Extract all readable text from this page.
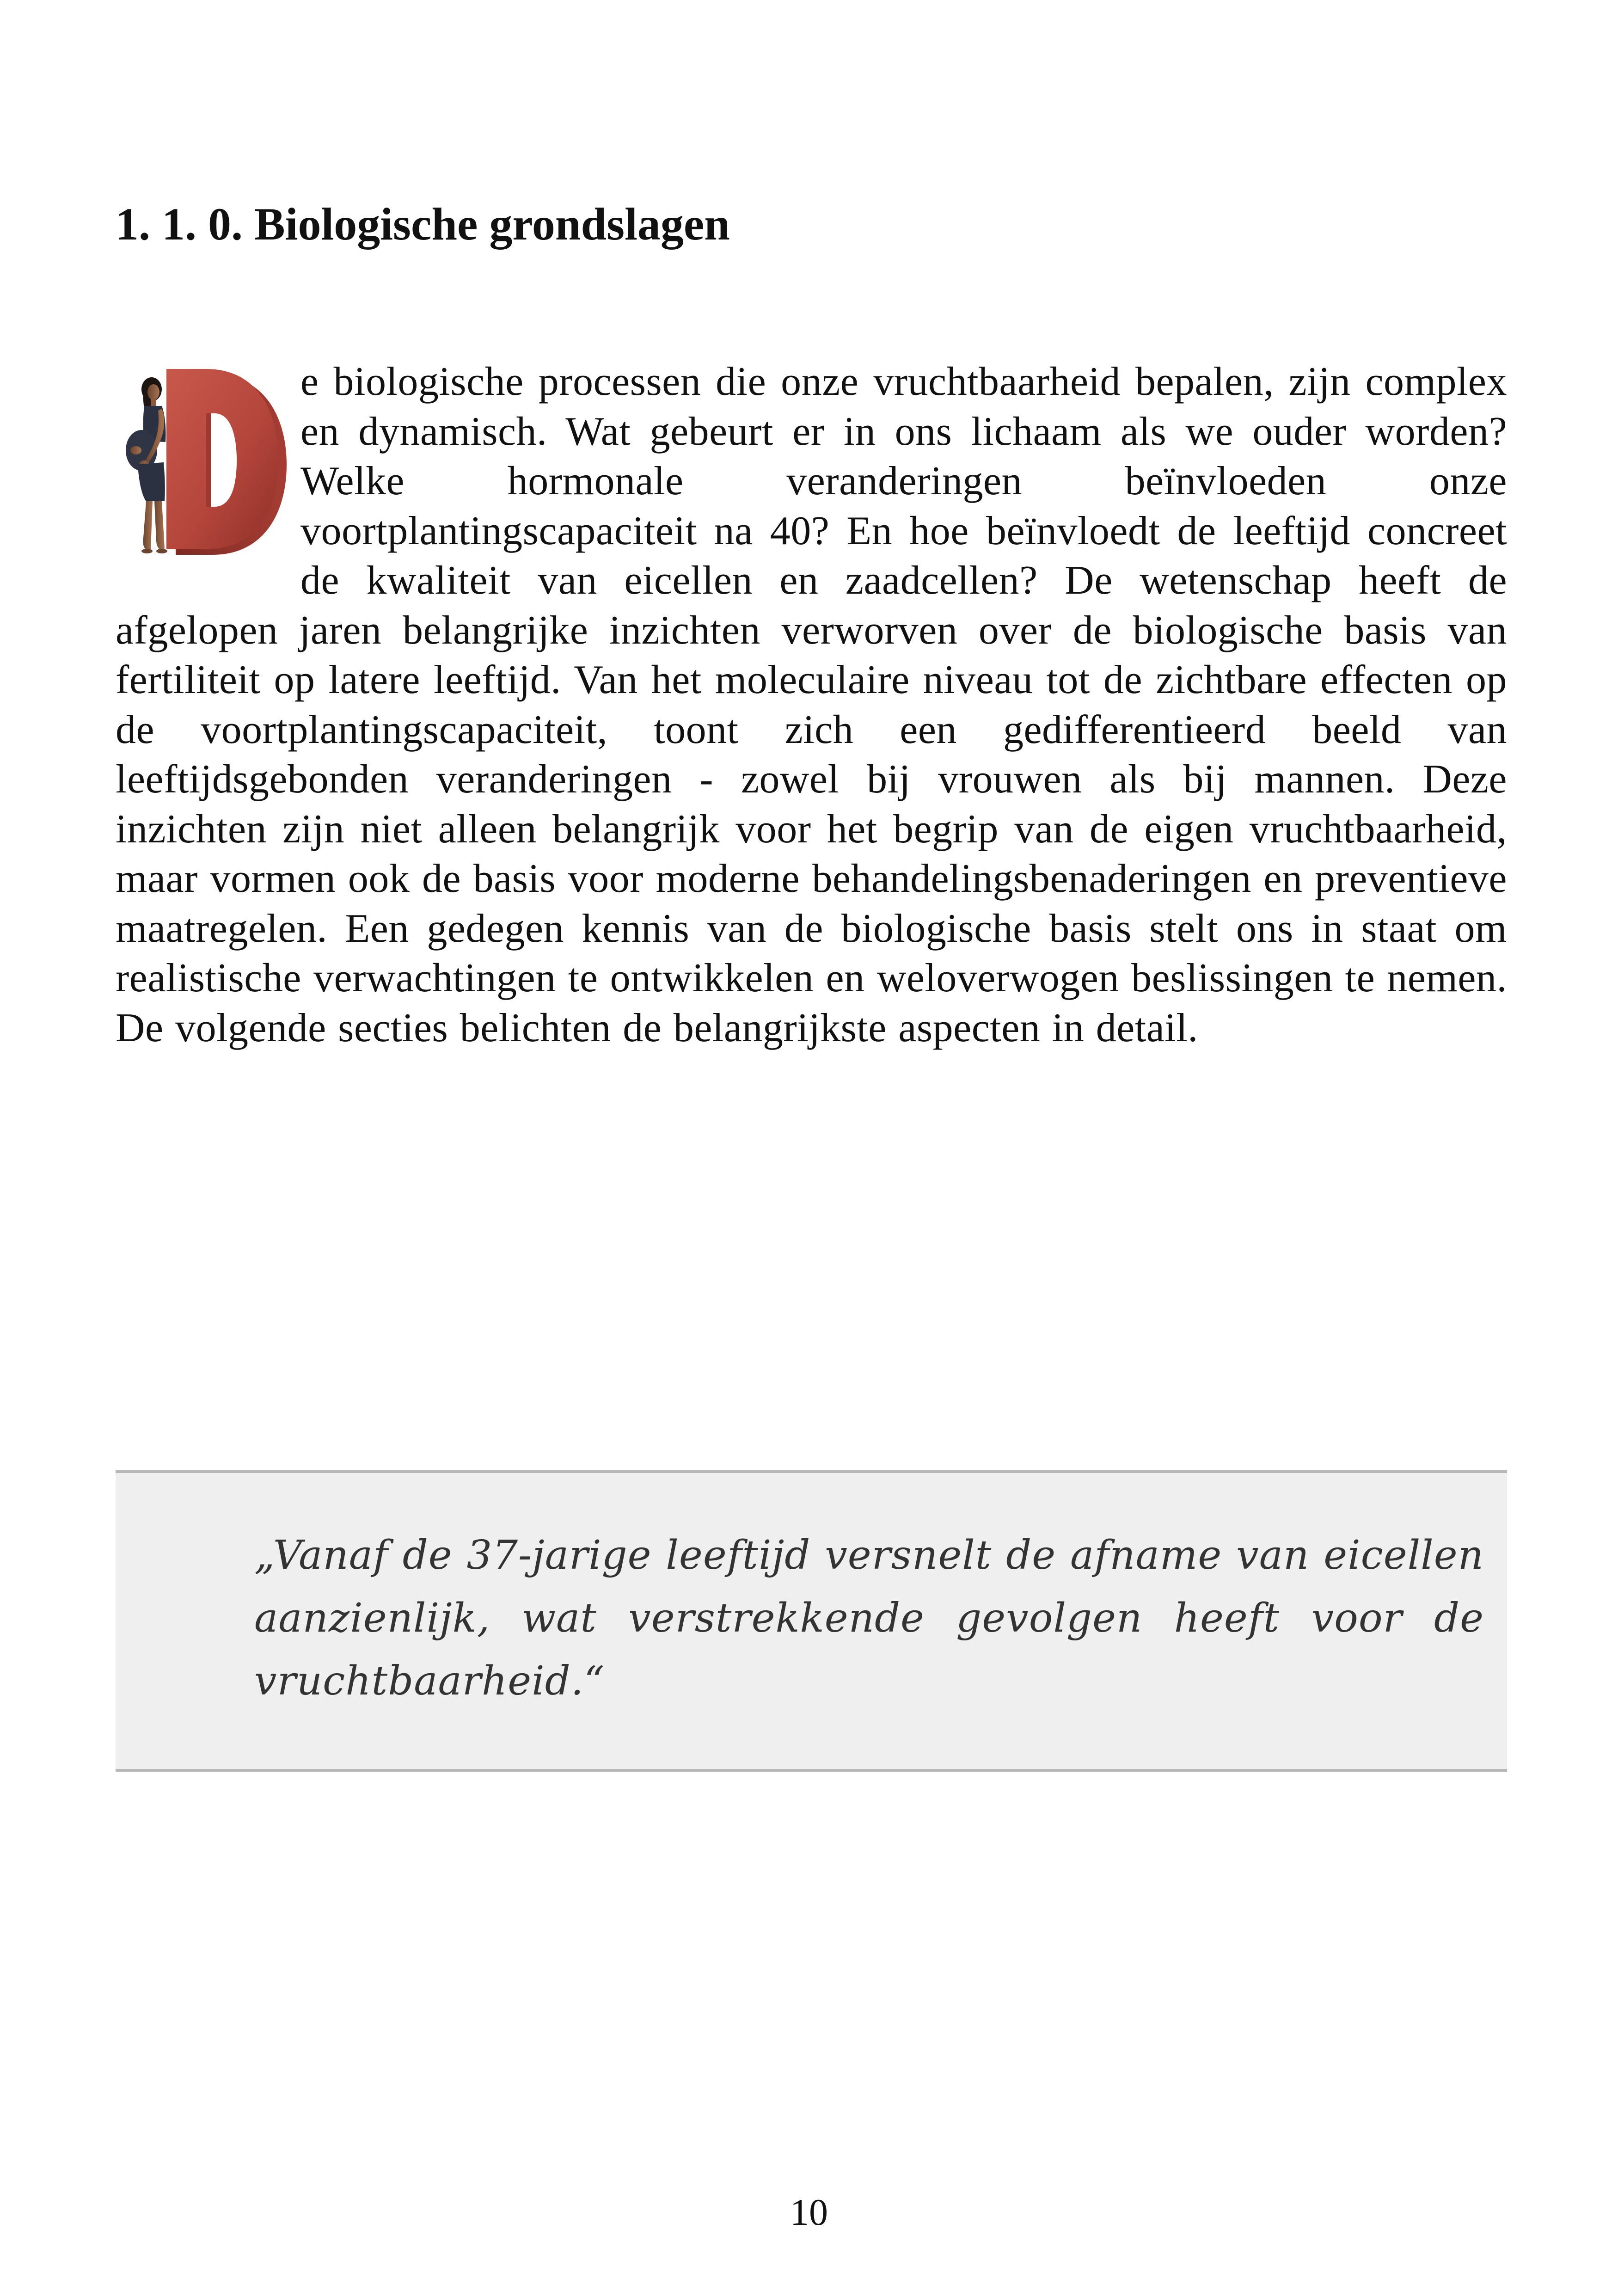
1. 1. 0. Biologische grondslagen

e biologische processen die onze vruchtbaarheid bepalen, zijn complex en dynamisch. Wat gebeurt er in ons lichaam als we ouder worden? Welke hormonale veranderingen beïnvloeden onze voortplantingscapaciteit na 40? En hoe beïnvloedt de leeftijd concreet de kwaliteit van eicellen en zaadcellen? De wetenschap heeft de afgelopen jaren belangrijke inzichten verworven over de biologische basis van fertiliteit op latere leeftijd. Van het moleculaire niveau tot de zichtbare effecten op de voortplantingscapaciteit, toont zich een gedifferentieerd beeld van leeftijdsgebonden veranderingen - zowel bij vrouwen als bij mannen. Deze inzichten zijn niet alleen belangrijk voor het begrip van de eigen vruchtbaarheid, maar vormen ook de basis voor moderne behandelingsbenaderingen en preventieve maatregelen. Een gedegen kennis van de biologische basis stelt ons in staat om realistische verwachtingen te ontwikkelen en weloverwogen beslissingen te nemen. De volgende secties belichten de belangrijkste aspecten in detail.

„Vanaf de 37-jarige leeftijd versnelt de afname van eicellen aanzienlijk, wat verstrekkende gevolgen heeft voor de vruchtbaarheid.“

10
